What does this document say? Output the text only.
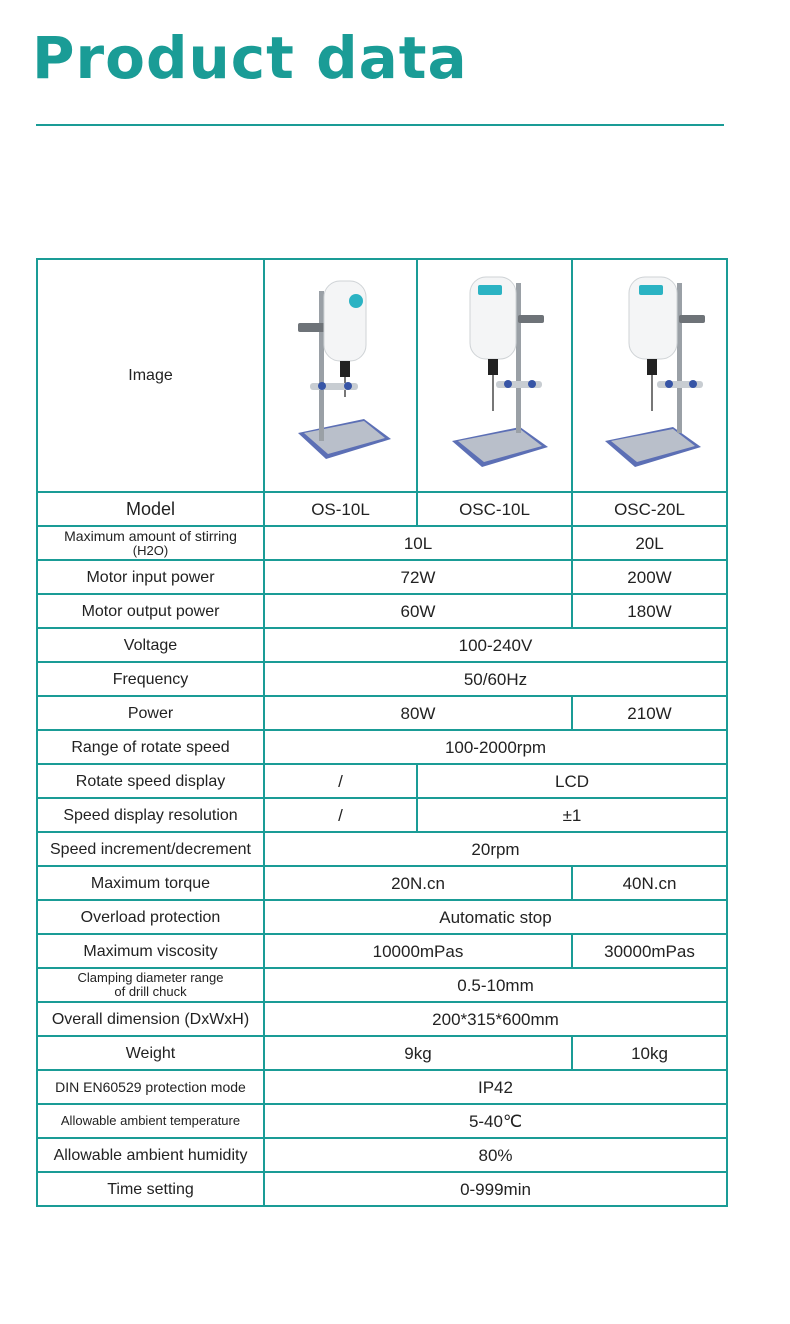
Product data
Image	

Model	OS-10L	OSC-10L	OSC-20L
Maximum amount of stirring
(H2O)	10L		20L
Motor input power	72W		200W
Motor output power	60W		180W
Voltage	100-240V		
Frequency	50/60Hz		
Power	80W		210W
Range of rotate speed	100-2000rpm		
Rotate speed display	/	LCD	
Speed display resolution	/	±1	
Speed increment/decrement	20rpm		
Maximum torque	20N.cn		40N.cn
Overload protection	Automatic stop		
Maximum viscosity	10000mPas		30000mPas
Clamping diameter range
of drill chuck	0.5-10mm		
Overall dimension (DxWxH)	200*315*600mm		
Weight	9kg		10kg
DIN EN60529 protection mode	IP42		
Allowable ambient temperature	5-40℃		
Allowable ambient humidity	80%		
Time setting	0-999min		
